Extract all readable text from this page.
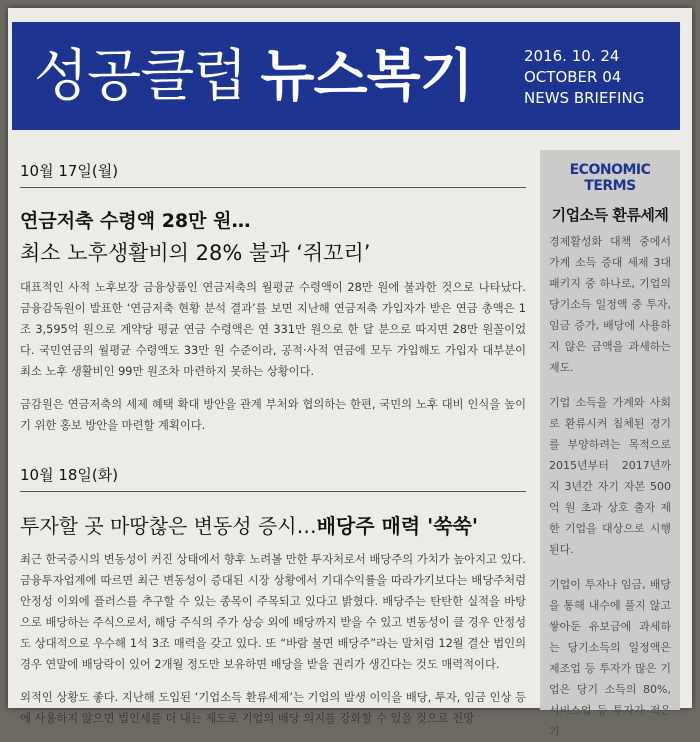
성공클럽 뉴스복기	2016. 10. 24
OCTOBER 04
NEWS BRIEFING
10월 17일(월)
연금저축 수령액 28만 원…
최소 노후생활비의 28% 불과 ‘쥐꼬리’

대표적인 사적 노후보장 금융상품인 연금저축의 월평균 수령액이 28만 원에 불과한 것으로 나타났다. 금융감독원이 발표한 ‘연금저축 현황 분석 결과’를 보면 지난해 연금저축 가입자가 받은 연금 총액은 1조 3,595억 원으로 계약당 평균 연금 수령액은 연 331만 원으로 한 달 분으로 따지면 28만 원꼴이었다. 국민연금의 월평균 수령액도 33만 원 수준이라, 공적·사적 연금에 모두 가입해도 가입자 대부분이 최소 노후 생활비인 99만 원조차 마련하지 못하는 상황이다.

금감원은 연금저축의 세제 혜택 확대 방안을 관계 부처와 협의하는 한편, 국민의 노후 대비 인식을 높이기 위한 홍보 방안을 마련할 계획이다.

10월 18일(화)
투자할 곳 마땅찮은 변동성 증시…배당주 매력 '쑥쑥'

최근 한국증시의 변동성이 커진 상태에서 향후 노려볼 만한 투자처로서 배당주의 가치가 높아지고 있다. 금융투자업계에 따르면 최근 변동성이 증대된 시장 상황에서 기대수익률을 따라가기보다는 배당주처럼 안정성 이외에 플러스를 추구할 수 있는 종목이 주목되고 있다고 밝혔다. 배당주는 탄탄한 실적을 바탕으로 배당하는 주식으로서, 해당 주식의 주가 상승 외에 배당까지 받을 수 있고 변동성이 클 경우 안정성도 상대적으로 우수해 1석 3조 매력을 갖고 있다. 또 “바람 불면 배당주”라는 말처럼 12월 결산 법인의 경우 연말에 배당락이 있어 2개월 정도만 보유하면 배당을 받을 권리가 생긴다는 것도 매력적이다.

외적인 상황도 좋다. 지난해 도입된 ‘기업소득 환류세제’는 기업의 발생 이익을 배당, 투자, 임금 인상 등에 사용하지 않으면 법인세를 더 내는 제도로 기업의 배당 의지를 강화할 수 있을 것으로 전망

ECONOMIC TERMS
기업소득 환류세제

경제활성화 대책 중에서 가계 소득 증대 세제 3대 패키지 중 하나로, 기업의 당기소득 일정액 중 투자, 임금 증가, 배당에 사용하지 않은 금액을 과세하는 제도.

기업 소득을 가계와 사회로 환류시켜 침체된 경기를 부양하려는 목적으로 2015년부터 2017년까지 3년간 자기 자본 500억 원 초과 상호 출자 제한 기업을 대상으로 시행된다.

기업이 투자나 임금, 배당을 통해 내수에 풀지 않고 쌓아둔 유보금에 과세하는 당기소득의 일정액은 제조업 등 투자가 많은 기업은 당기 소득의 80%, 서비스업 등 투자가 적은 기
